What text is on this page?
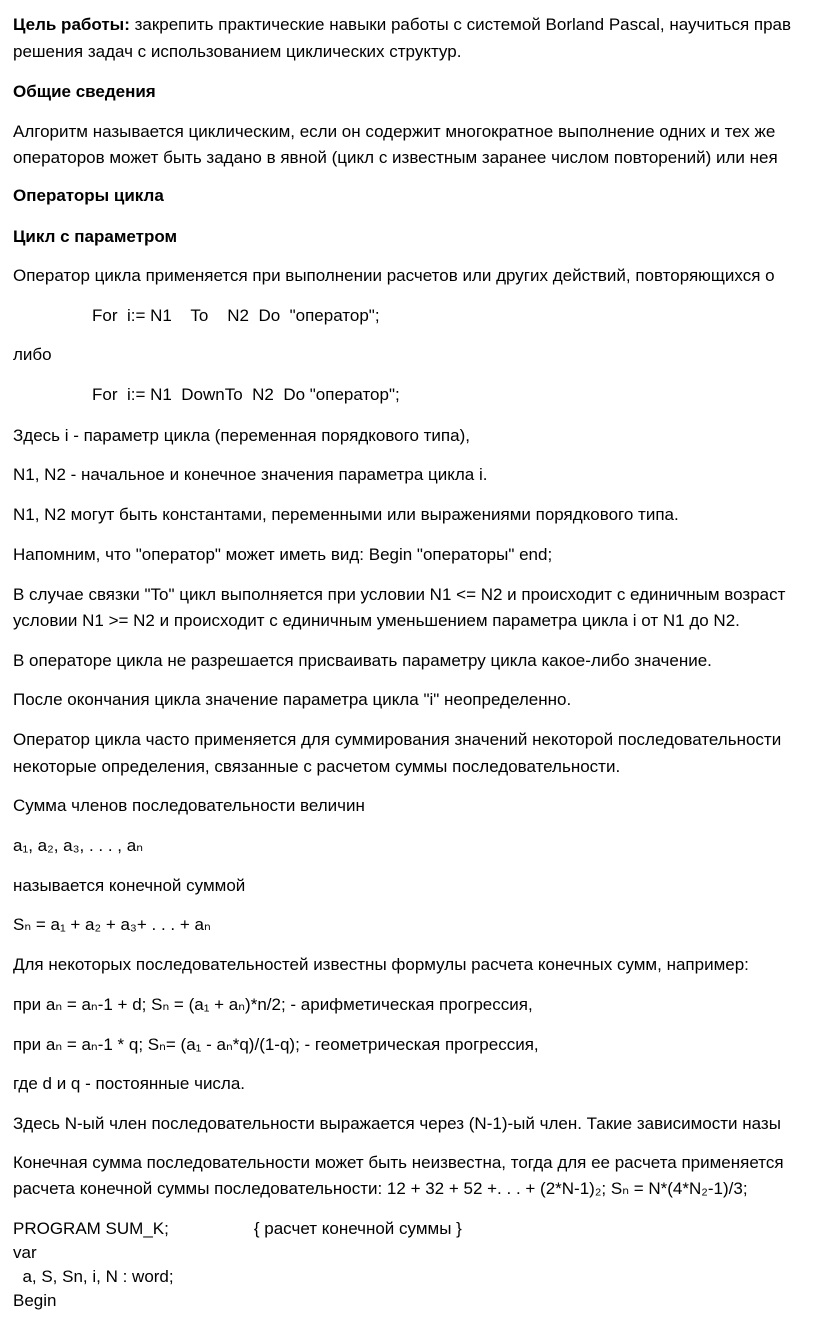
Цель работы: закрепить практические навыки работы с системой Borland Pascal, научиться прав
решения задач с использованием циклических структур.
Общие сведения
Алгоритм называется циклическим, если он содержит многократное выполнение одних и тех же
операторов может быть задано в явной (цикл с известным заранее числом повторений) или нея
Операторы цикла
Цикл с параметром
Оператор цикла применяется при выполнении расчетов или других действий, повторяющихся о
For  i:= N1    To    N2  Do  "оператор";
либо
For  i:= N1  DownTo  N2  Do "оператор";
Здесь i - параметр цикла (переменная порядкового типа),
N1, N2 - начальное и конечное значения параметра цикла i.
N1, N2 могут быть константами, переменными или выражениями порядкового типа.
Напомним, что "оператор" может иметь вид: Begin "операторы" end;
В случае связки "To" цикл выполняется при условии N1 <= N2 и происходит с единичным возраст
условии N1 >= N2 и происходит с единичным уменьшением параметра цикла i от N1 до N2.
В операторе цикла не разрешается присваивать параметру цикла какое-либо значение.
После окончания цикла значение параметра цикла "i" неопределенно.
Оператор цикла часто применяется для суммирования значений некоторой последовательности
некоторые определения, связанные с расчетом суммы последовательности.
Сумма членов последовательности величин
a₁, a₂, a₃, . . . , aₙ
называется конечной суммой
Sₙ = a₁ + a₂ + a₃+ . . . + aₙ
Для некоторых последовательностей известны формулы расчета конечных сумм, например:
при aₙ = aₙ-1 + d; Sₙ = (a₁ + aₙ)*n/2; - арифметическая прогрессия,
при aₙ = aₙ-1 * q; Sₙ= (a₁ - aₙ*q)/(1-q); - геометрическая прогрессия,
где d и q - постоянные числа.
Здесь N-ый член последовательности выражается через (N-1)-ый член. Такие зависимости назы
Конечная сумма последовательности может быть неизвестна, тогда для ее расчета применяется
расчета конечной суммы последовательности: 12 + 32 + 52 +. . . + (2*N-1)₂; Sₙ = N*(4*N₂-1)/3;
PROGRAM SUM_K;                  { расчет конечной суммы }
var
a, S, Sn, i, N : word;
Begin
